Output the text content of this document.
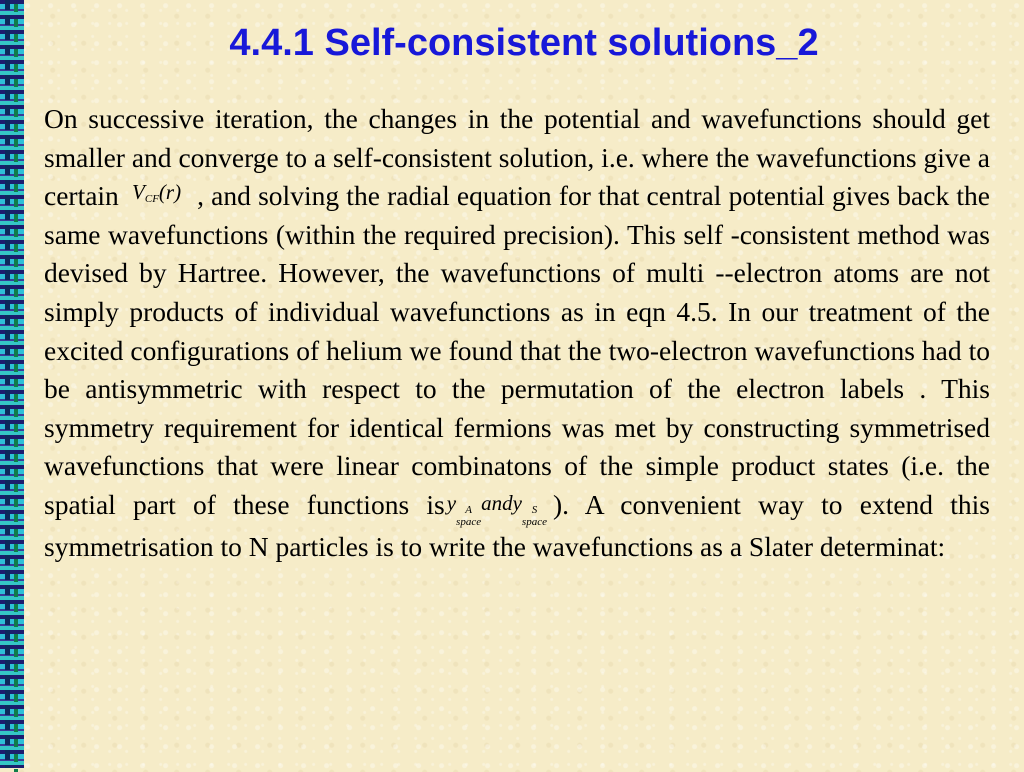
4.4.1 Self-consistent solutions_2
On successive iteration, the changes in the potential and wavefunctions should get smaller and converge to a self-consistent solution, i.e. where the wavefunctions give a certain $V_{CF}(r)$ , and solving the radial equation for that central potential gives back the same wavefunctions (within the required precision). This self -consistent method was devised by Hartree. However, the wavefunctions of multi --electron atoms are not simply products of individual wavefunctions as in eqn 4.5. In our treatment of the excited configurations of helium we found that the two-electron wavefunctions had to be antisymmetric with respect to the permutation of the electron labels . This symmetry requirement for identical fermions was met by constructing symmetrised wavefunctions that were linear combinatons of the simple product states (i.e. the spatial part of these functions isy A
space
andy S
space
). A convenient way to extend this symmetrisation to N particles is to write the wavefunctions as a Slater determinat:
